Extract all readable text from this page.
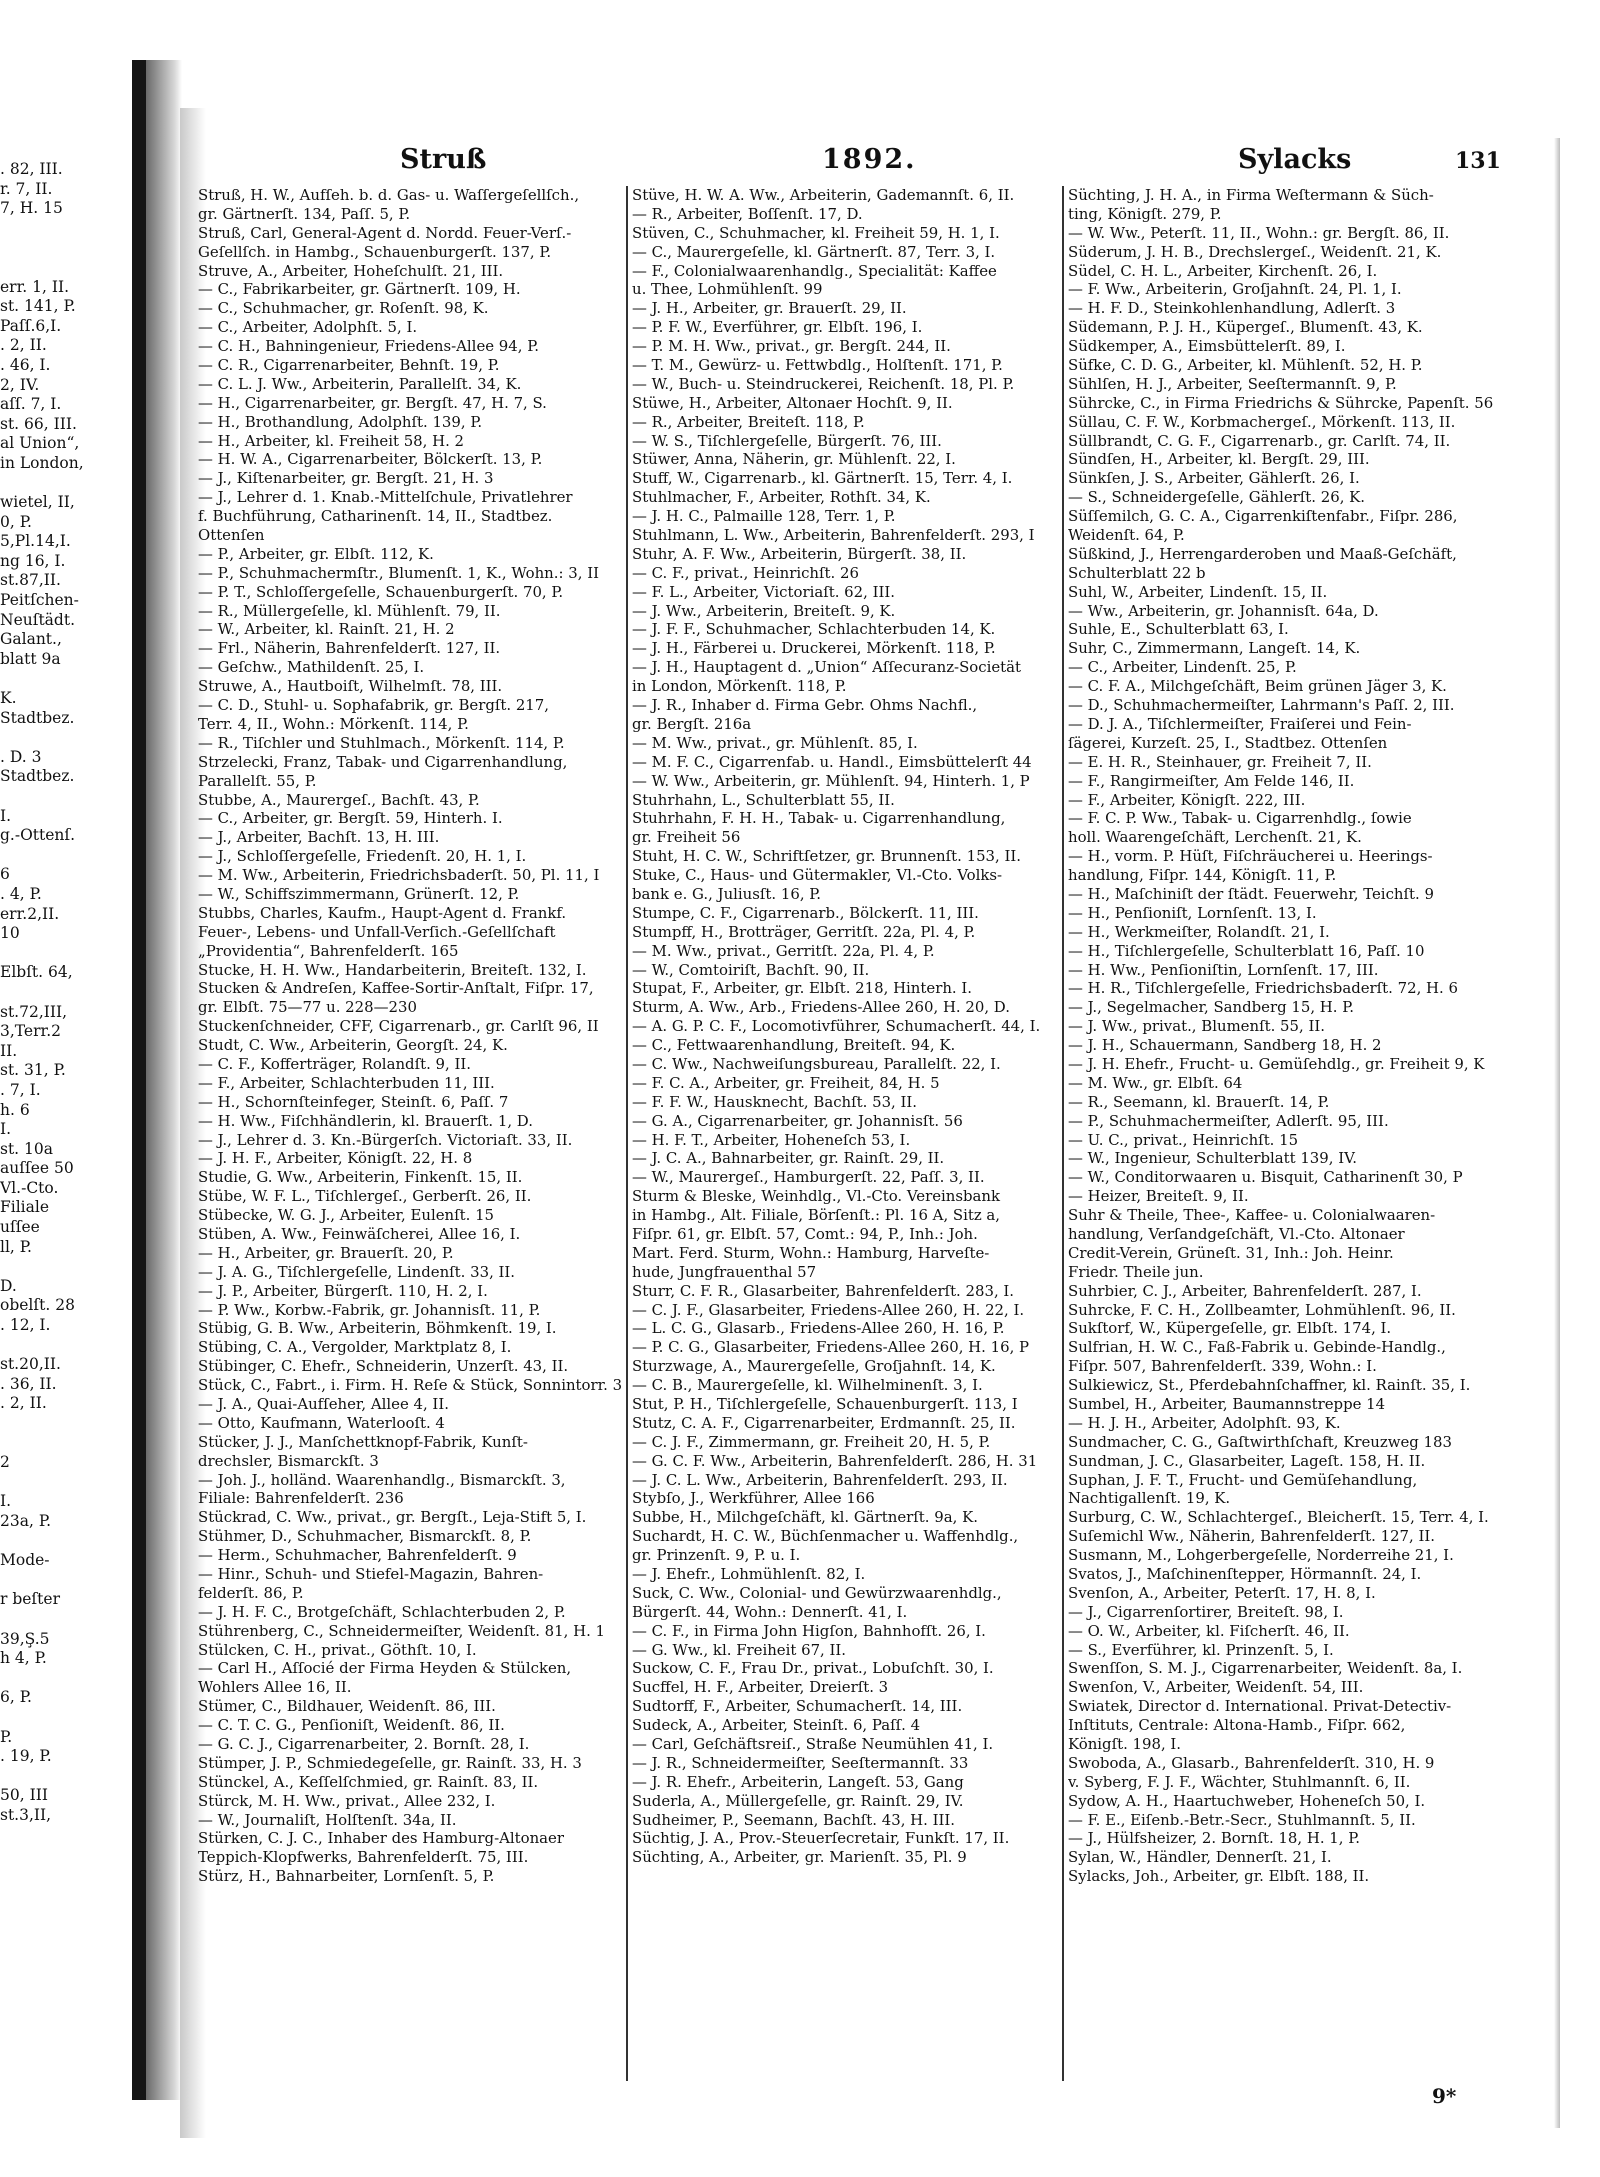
. 82, III.
r. 7, II.
7, H. 15
err. 1, II.
st. 141, P.
Paſſ.6,I.
. 2, II.
. 46, I.
2, IV.
aſſ. 7, I.
st. 66, III.
al Union“,
in London,
wietel, II,
0, P.
5,Pl.14,I.
ng 16, I.
st.87,II.
Peitſchen-
Neuſtädt.
Galant.,
blatt 9a
K.
Stadtbez.
. D. 3
Stadtbez.
I.
g.-Ottenſ.
6
. 4, P.
err.2,II.
10
Elbſt. 64,
st.72,III,
3,Terr.2
II.
st. 31, P.
. 7, I.
h. 6
I.
st. 10a
auſſee 50
Vl.-Cto.
Filiale
uſſee
ll, P.
D.
obelſt. 28
. 12, I.
st.20,II.
. 36, II.
. 2, II.
2
I.
23a, P.
Mode-
r beſter
39,Ş.5
h 4, P.
6, P.
P.
. 19, P.
50, III
st.3,II,
Struß	1892.	Sylacks	131
Struß, H. W., Aufſeh. b. d. Gas- u. Waſſergeſellſch.,
gr. Gärtnerſt. 134, Paſſ. 5, P.
Struß, Carl, General-Agent d. Nordd. Feuer-Verſ.-
Geſellſch. in Hambg., Schauenburgerſt. 137, P.
Struve, A., Arbeiter, Hoheſchulſt. 21, III.
— C., Fabrikarbeiter, gr. Gärtnerſt. 109, H.
— C., Schuhmacher, gr. Roſenſt. 98, K.
— C., Arbeiter, Adolphſt. 5, I.
— C. H., Bahningenieur, Friedens-Allee 94, P.
— C. R., Cigarrenarbeiter, Behnſt. 19, P.
— C. L. J. Ww., Arbeiterin, Parallelſt. 34, K.
— H., Cigarrenarbeiter, gr. Bergſt. 47, H. 7, S.
— H., Brothandlung, Adolphſt. 139, P.
— H., Arbeiter, kl. Freiheit 58, H. 2
— H. W. A., Cigarrenarbeiter, Bölckerſt. 13, P.
— J., Kiſtenarbeiter, gr. Bergſt. 21, H. 3
— J., Lehrer d. 1. Knab.-Mittelſchule, Privatlehrer
f. Buchführung, Catharinenſt. 14, II., Stadtbez.
Ottenſen
— P., Arbeiter, gr. Elbſt. 112, K.
— P., Schuhmachermſtr., Blumenſt. 1, K., Wohn.: 3, II
— P. T., Schloſſergeſelle, Schauenburgerſt. 70, P.
— R., Müllergeſelle, kl. Mühlenſt. 79, II.
— W., Arbeiter, kl. Rainſt. 21, H. 2
— Frl., Näherin, Bahrenfelderſt. 127, II.
— Geſchw., Mathildenſt. 25, I.
Struwe, A., Hautboiſt, Wilhelmſt. 78, III.
— C. D., Stuhl- u. Sophafabrik, gr. Bergſt. 217,
Terr. 4, II., Wohn.: Mörkenſt. 114, P.
— R., Tiſchler und Stuhlmach., Mörkenſt. 114, P.
Strzelecki, Franz, Tabak- und Cigarrenhandlung,
Parallelſt. 55, P.
Stubbe, A., Maurergeſ., Bachſt. 43, P.
— C., Arbeiter, gr. Bergſt. 59, Hinterh. I.
— J., Arbeiter, Bachſt. 13, H. III.
— J., Schloſſergeſelle, Friedenſt. 20, H. 1, I.
— M. Ww., Arbeiterin, Friedrichsbaderſt. 50, Pl. 11, I
— W., Schiffszimmermann, Grünerſt. 12, P.
Stubbs, Charles, Kaufm., Haupt-Agent d. Frankf.
Feuer-, Lebens- und Unfall-Verſich.-Geſellſchaft
„Providentia“, Bahrenfelderſt. 165
Stucke, H. H. Ww., Handarbeiterin, Breiteſt. 132, I.
Stucken & Andreſen, Kaffee-Sortir-Anſtalt, Fiſpr. 17,
gr. Elbſt. 75—77 u. 228—230
Stuckenſchneider, CFF, Cigarrenarb., gr. Carlſt 96, II
Studt, C. Ww., Arbeiterin, Georgſt. 24, K.
— C. F., Kofferträger, Rolandſt. 9, II.
— F., Arbeiter, Schlachterbuden 11, III.
— H., Schornſteinfeger, Steinſt. 6, Paſſ. 7
— H. Ww., Fiſchhändlerin, kl. Brauerſt. 1, D.
— J., Lehrer d. 3. Kn.-Bürgerſch. Victoriaſt. 33, II.
— J. H. F., Arbeiter, Königſt. 22, H. 8
Studie, G. Ww., Arbeiterin, Finkenſt. 15, II.
Stübe, W. F. L., Tiſchlergeſ., Gerberſt. 26, II.
Stübecke, W. G. J., Arbeiter, Eulenſt. 15
Stüben, A. Ww., Feinwäſcherei, Allee 16, I.
— H., Arbeiter, gr. Brauerſt. 20, P.
— J. A. G., Tiſchlergeſelle, Lindenſt. 33, II.
— J. P., Arbeiter, Bürgerſt. 110, H. 2, I.
— P. Ww., Korbw.-Fabrik, gr. Johannisſt. 11, P.
Stübig, G. B. Ww., Arbeiterin, Böhmkenſt. 19, I.
Stübing, C. A., Vergolder, Marktplatz 8, I.
Stübinger, C. Ehefr., Schneiderin, Unzerſt. 43, II.
Stück, C., Fabrt., i. Firm. H. Reſe & Stück, Sonnintorr. 3
— J. A., Quai-Aufſeher, Allee 4, II.
— Otto, Kaufmann, Waterlooſt. 4
Stücker, J. J., Manſchettknopf-Fabrik, Kunſt-
drechsler, Bismarckſt. 3
— Joh. J., holländ. Waarenhandlg., Bismarckſt. 3,
Filiale: Bahrenfelderſt. 236
Stückrad, C. Ww., privat., gr. Bergſt., Leja-Stift 5, I.
Stühmer, D., Schuhmacher, Bismarckſt. 8, P.
— Herm., Schuhmacher, Bahrenfelderſt. 9
— Hinr., Schuh- und Stiefel-Magazin, Bahren-
felderſt. 86, P.
— J. H. F. C., Brotgeſchäft, Schlachterbuden 2, P.
Stührenberg, C., Schneidermeiſter, Weidenſt. 81, H. 1
Stülcken, C. H., privat., Göthſt. 10, I.
— Carl H., Aſſocié der Firma Heyden & Stülcken,
Wohlers Allee 16, II.
Stümer, C., Bildhauer, Weidenſt. 86, III.
— C. T. C. G., Penſioniſt, Weidenſt. 86, II.
— G. C. J., Cigarrenarbeiter, 2. Bornſt. 28, I.
Stümper, J. P., Schmiedegeſelle, gr. Rainſt. 33, H. 3
Stünckel, A., Keſſelſchmied, gr. Rainſt. 83, II.
Stürck, M. H. Ww., privat., Allee 232, I.
— W., Journaliſt, Holſtenſt. 34a, II.
Stürken, C. J. C., Inhaber des Hamburg-Altonaer
Teppich-Klopfwerks, Bahrenfelderſt. 75, III.
Stürz, H., Bahnarbeiter, Lornſenſt. 5, P.
Stüve, H. W. A. Ww., Arbeiterin, Gademannſt. 6, II.
— R., Arbeiter, Boſſenſt. 17, D.
Stüven, C., Schuhmacher, kl. Freiheit 59, H. 1, I.
— C., Maurergeſelle, kl. Gärtnerſt. 87, Terr. 3, I.
— F., Colonialwaarenhandlg., Specialität: Kaffee
u. Thee, Lohmühlenſt. 99
— J. H., Arbeiter, gr. Brauerſt. 29, II.
— P. F. W., Everführer, gr. Elbſt. 196, I.
— P. M. H. Ww., privat., gr. Bergſt. 244, II.
— T. M., Gewürz- u. Fettwbdlg., Holſtenſt. 171, P.
— W., Buch- u. Steindruckerei, Reichenſt. 18, Pl. P.
Stüwe, H., Arbeiter, Altonaer Hochſt. 9, II.
— R., Arbeiter, Breiteſt. 118, P.
— W. S., Tiſchlergeſelle, Bürgerſt. 76, III.
Stüwer, Anna, Näherin, gr. Mühlenſt. 22, I.
Stuff, W., Cigarrenarb., kl. Gärtnerſt. 15, Terr. 4, I.
Stuhlmacher, F., Arbeiter, Rothſt. 34, K.
— J. H. C., Palmaille 128, Terr. 1, P.
Stuhlmann, L. Ww., Arbeiterin, Bahrenfelderſt. 293, I
Stuhr, A. F. Ww., Arbeiterin, Bürgerſt. 38, II.
— C. F., privat., Heinrichſt. 26
— F. L., Arbeiter, Victoriaſt. 62, III.
— J. Ww., Arbeiterin, Breiteſt. 9, K.
— J. F. F., Schuhmacher, Schlachterbuden 14, K.
— J. H., Färberei u. Druckerei, Mörkenſt. 118, P.
— J. H., Hauptagent d. „Union“ Aſſecuranz-Societät
in London, Mörkenſt. 118, P.
— J. R., Inhaber d. Firma Gebr. Ohms Nachfl.,
gr. Bergſt. 216a
— M. Ww., privat., gr. Mühlenſt. 85, I.
— M. F. C., Cigarrenfab. u. Handl., Eimsbüttelerſt 44
— W. Ww., Arbeiterin, gr. Mühlenſt. 94, Hinterh. 1, P
Stuhrhahn, L., Schulterblatt 55, II.
Stuhrhahn, F. H. H., Tabak- u. Cigarrenhandlung,
gr. Freiheit 56
Stuht, H. C. W., Schriftſetzer, gr. Brunnenſt. 153, II.
Stuke, C., Haus- und Gütermakler, Vl.-Cto. Volks-
bank e. G., Juliusſt. 16, P.
Stumpe, C. F., Cigarrenarb., Bölckerſt. 11, III.
Stumpff, H., Brotträger, Gerritſt. 22a, Pl. 4, P.
— M. Ww., privat., Gerritſt. 22a, Pl. 4, P.
— W., Comtoiriſt, Bachſt. 90, II.
Stupat, F., Arbeiter, gr. Elbſt. 218, Hinterh. I.
Sturm, A. Ww., Arb., Friedens-Allee 260, H. 20, D.
— A. G. P. C. F., Locomotivführer, Schumacherſt. 44, I.
— C., Fettwaarenhandlung, Breiteſt. 94, K.
— C. Ww., Nachweiſungsbureau, Parallelſt. 22, I.
— F. C. A., Arbeiter, gr. Freiheit, 84, H. 5
— F. F. W., Hausknecht, Bachſt. 53, II.
— G. A., Cigarrenarbeiter, gr. Johannisſt. 56
— H. F. T., Arbeiter, Hoheneſch 53, I.
— J. C. A., Bahnarbeiter, gr. Rainſt. 29, II.
— W., Maurergeſ., Hamburgerſt. 22, Paſſ. 3, II.
Sturm & Bleske, Weinhdlg., Vl.-Cto. Vereinsbank
in Hambg., Alt. Filiale, Börſenſt.: Pl. 16 A, Sitz a,
Fiſpr. 61, gr. Elbſt. 57, Comt.: 94, P., Inh.: Joh.
Mart. Ferd. Sturm, Wohn.: Hamburg, Harveſte-
hude, Jungfrauenthal 57
Sturr, C. F. R., Glasarbeiter, Bahrenfelderſt. 283, I.
— C. J. F., Glasarbeiter, Friedens-Allee 260, H. 22, I.
— L. C. G., Glasarb., Friedens-Allee 260, H. 16, P.
— P. C. G., Glasarbeiter, Friedens-Allee 260, H. 16, P
Sturzwage, A., Maurergeſelle, Groſjahnſt. 14, K.
— C. B., Maurergeſelle, kl. Wilhelminenſt. 3, I.
Stut, P. H., Tiſchlergeſelle, Schauenburgerſt. 113, I
Stutz, C. A. F., Cigarrenarbeiter, Erdmannſt. 25, II.
— C. J. F., Zimmermann, gr. Freiheit 20, H. 5, P.
— G. C. F. Ww., Arbeiterin, Bahrenfelderſt. 286, H. 31
— J. C. L. Ww., Arbeiterin, Bahrenfelderſt. 293, II.
Stybſo, J., Werkführer, Allee 166
Subbe, H., Milchgeſchäft, kl. Gärtnerſt. 9a, K.
Suchardt, H. C. W., Büchſenmacher u. Waffenhdlg.,
gr. Prinzenſt. 9, P. u. I.
— J. Ehefr., Lohmühlenſt. 82, I.
Suck, C. Ww., Colonial- und Gewürzwaarenhdlg.,
Bürgerſt. 44, Wohn.: Dennerſt. 41, I.
— C. F., in Firma John Higſon, Bahnhofſt. 26, I.
— G. Ww., kl. Freiheit 67, II.
Suckow, C. F., Frau Dr., privat., Lobuſchſt. 30, I.
Sucffel, H. F., Arbeiter, Dreierſt. 3
Sudtorff, F., Arbeiter, Schumacherſt. 14, III.
Sudeck, A., Arbeiter, Steinſt. 6, Paſſ. 4
— Carl, Geſchäftsreiſ., Straße Neumühlen 41, I.
— J. R., Schneidermeiſter, Seeſtermannſt. 33
— J. R. Ehefr., Arbeiterin, Langeſt. 53, Gang
Suderla, A., Müllergeſelle, gr. Rainſt. 29, IV.
Sudheimer, P., Seemann, Bachſt. 43, H. III.
Süchtig, J. A., Prov.-Steuerſecretair, Funkſt. 17, II.
Süchting, A., Arbeiter, gr. Marienſt. 35, Pl. 9
Süchting, J. H. A., in Firma Weſtermann & Süch-
ting, Königſt. 279, P.
— W. Ww., Peterſt. 11, II., Wohn.: gr. Bergſt. 86, II.
Süderum, J. H. B., Drechslergeſ., Weidenſt. 21, K.
Südel, C. H. L., Arbeiter, Kirchenſt. 26, I.
— F. Ww., Arbeiterin, Groſjahnſt. 24, Pl. 1, I.
— H. F. D., Steinkohlenhandlung, Adlerſt. 3
Südemann, P. J. H., Küpergeſ., Blumenſt. 43, K.
Südkemper, A., Eimsbüttelerſt. 89, I.
Süfke, C. D. G., Arbeiter, kl. Mühlenſt. 52, H. P.
Sühlſen, H. J., Arbeiter, Seeſtermannſt. 9, P.
Sührcke, C., in Firma Friedrichs & Sührcke, Papenſt. 56
Süllau, C. F. W., Korbmachergeſ., Mörkenſt. 113, II.
Süllbrandt, C. G. F., Cigarrenarb., gr. Carlſt. 74, II.
Sündſen, H., Arbeiter, kl. Bergſt. 29, III.
Sünkſen, J. S., Arbeiter, Gählerſt. 26, I.
— S., Schneidergeſelle, Gählerſt. 26, K.
Süſſemilch, G. C. A., Cigarrenkiſtenfabr., Fiſpr. 286,
Weidenſt. 64, P.
Süßkind, J., Herrengarderoben und Maaß-Geſchäft,
Schulterblatt 22 b
Suhl, W., Arbeiter, Lindenſt. 15, II.
— Ww., Arbeiterin, gr. Johannisſt. 64a, D.
Suhle, E., Schulterblatt 63, I.
Suhr, C., Zimmermann, Langeſt. 14, K.
— C., Arbeiter, Lindenſt. 25, P.
— C. F. A., Milchgeſchäft, Beim grünen Jäger 3, K.
— D., Schuhmachermeiſter, Lahrmann's Paſſ. 2, III.
— D. J. A., Tiſchlermeiſter, Fraiſerei und Fein-
ſägerei, Kurzeſt. 25, I., Stadtbez. Ottenſen
— E. H. R., Steinhauer, gr. Freiheit 7, II.
— F., Rangirmeiſter, Am Felde 146, II.
— F., Arbeiter, Königſt. 222, III.
— F. C. P. Ww., Tabak- u. Cigarrenhdlg., ſowie
holl. Waarengeſchäft, Lerchenſt. 21, K.
— H., vorm. P. Hüſt, Fiſchräucherei u. Heerings-
handlung, Fiſpr. 144, Königſt. 11, P.
— H., Maſchiniſt der ſtädt. Feuerwehr, Teichſt. 9
— H., Penſioniſt, Lornſenſt. 13, I.
— H., Werkmeiſter, Rolandſt. 21, I.
— H., Tiſchlergeſelle, Schulterblatt 16, Paſſ. 10
— H. Ww., Penſioniſtin, Lornſenſt. 17, III.
— H. R., Tiſchlergeſelle, Friedrichsbaderſt. 72, H. 6
— J., Segelmacher, Sandberg 15, H. P.
— J. Ww., privat., Blumenſt. 55, II.
— J. H., Schauermann, Sandberg 18, H. 2
— J. H. Ehefr., Frucht- u. Gemüſehdlg., gr. Freiheit 9, K
— M. Ww., gr. Elbſt. 64
— R., Seemann, kl. Brauerſt. 14, P.
— P., Schuhmachermeiſter, Adlerſt. 95, III.
— U. C., privat., Heinrichſt. 15
— W., Ingenieur, Schulterblatt 139, IV.
— W., Conditorwaaren u. Bisquit, Catharinenſt 30, P
— Heizer, Breiteſt. 9, II.
Suhr & Theile, Thee-, Kaffee- u. Colonialwaaren-
handlung, Verſandgeſchäft, Vl.-Cto. Altonaer
Credit-Verein, Grüneſt. 31, Inh.: Joh. Heinr.
Friedr. Theile jun.
Suhrbier, C. J., Arbeiter, Bahrenfelderſt. 287, I.
Suhrcke, F. C. H., Zollbeamter, Lohmühlenſt. 96, II.
Sukſtorf, W., Küpergeſelle, gr. Elbſt. 174, I.
Sulfrian, H. W. C., Faß-Fabrik u. Gebinde-Handlg.,
Fiſpr. 507, Bahrenfelderſt. 339, Wohn.: I.
Sulkiewicz, St., Pferdebahnſchaffner, kl. Rainſt. 35, I.
Sumbel, H., Arbeiter, Baumannstreppe 14
— H. J. H., Arbeiter, Adolphſt. 93, K.
Sundmacher, C. G., Gaſtwirthſchaft, Kreuzweg 183
Sundman, J. C., Glasarbeiter, Lageſt. 158, H. II.
Suphan, J. F. T., Frucht- und Gemüſehandlung,
Nachtigallenſt. 19, K.
Surburg, C. W., Schlachtergeſ., Bleicherſt. 15, Terr. 4, I.
Suſemichl Ww., Näherin, Bahrenfelderſt. 127, II.
Susmann, M., Lohgerbergeſelle, Norderreihe 21, I.
Svatos, J., Maſchinenſtepper, Hörmannſt. 24, I.
Svenſon, A., Arbeiter, Peterſt. 17, H. 8, I.
— J., Cigarrenſortirer, Breiteſt. 98, I.
— O. W., Arbeiter, kl. Fiſcherſt. 46, II.
— S., Everführer, kl. Prinzenſt. 5, I.
Swenſſon, S. M. J., Cigarrenarbeiter, Weidenſt. 8a, I.
Swenſon, V., Arbeiter, Weidenſt. 54, III.
Swiatek, Director d. International. Privat-Detectiv-
Inſtituts, Centrale: Altona-Hamb., Fiſpr. 662,
Königſt. 198, I.
Swoboda, A., Glasarb., Bahrenfelderſt. 310, H. 9
v. Syberg, F. J. F., Wächter, Stuhlmannſt. 6, II.
Sydow, A. H., Haartuchweber, Hoheneſch 50, I.
— F. E., Eiſenb.-Betr.-Secr., Stuhlmannſt. 5, II.
— J., Hülfsheizer, 2. Bornſt. 18, H. 1, P.
Sylan, W., Händler, Dennerſt. 21, I.
Sylacks, Joh., Arbeiter, gr. Elbſt. 188, II.
9*
